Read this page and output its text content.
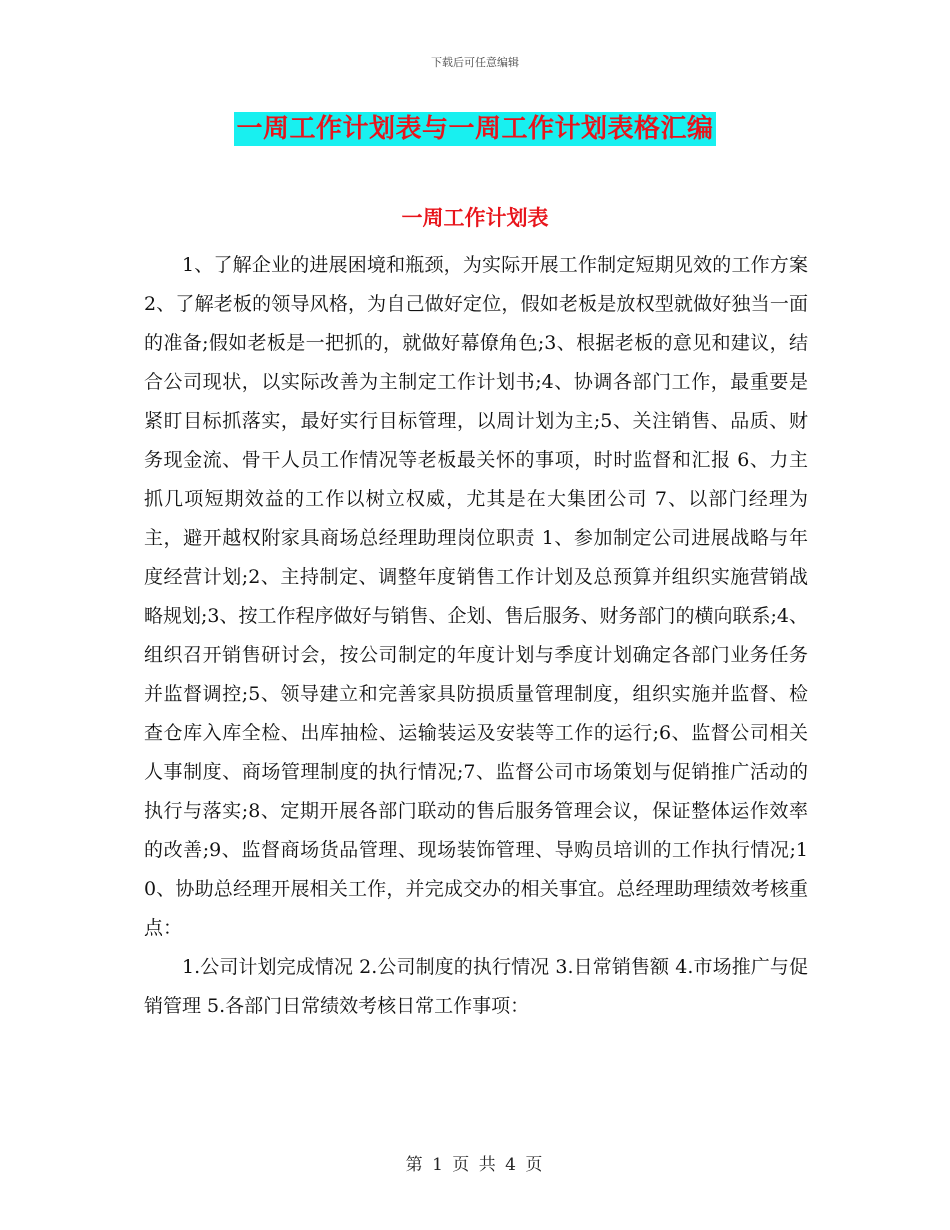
下载后可任意编辑
一周工作计划表与一周工作计划表格汇编
一周工作计划表

1、了解企业的进展困境和瓶颈，为实际开展工作制定短期见效的工作方案 2、了解老板的领导风格，为自己做好定位，假如老板是放权型就做好独当一面的准备;假如老板是一把抓的，就做好幕僚角色;3、根据老板的意见和建议，结合公司现状，以实际改善为主制定工作计划书;4、协调各部门工作，最重要是紧盯目标抓落实，最好实行目标管理，以周计划为主;5、关注销售、品质、财务现金流、骨干人员工作情况等老板最关怀的事项，时时监督和汇报 6、力主抓几项短期效益的工作以树立权威，尤其是在大集团公司 7、以部门经理为主，避开越权附家具商场总经理助理岗位职责 1、参加制定公司进展战略与年度经营计划;2、主持制定、调整年度销售工作计划及总预算并组织实施营销战略规划;3、按工作程序做好与销售、企划、售后服务、财务部门的横向联系;4、组织召开销售研讨会，按公司制定的年度计划与季度计划确定各部门业务任务并监督调控;5、领导建立和完善家具防损质量管理制度，组织实施并监督、检查仓库入库全检、出库抽检、运输装运及安装等工作的运行;6、监督公司相关人事制度、商场管理制度的执行情况;7、监督公司市场策划与促销推广活动的执行与落实;8、定期开展各部门联动的售后服务管理会议，保证整体运作效率的改善;9、监督商场货品管理、现场装饰管理、导购员培训的工作执行情况;10、协助总经理开展相关工作，并完成交办的相关事宜。总经理助理绩效考核重点：

1.公司计划完成情况 2.公司制度的执行情况 3.日常销售额 4.市场推广与促销管理 5.各部门日常绩效考核日常工作事项：

第 1 页 共 4 页
